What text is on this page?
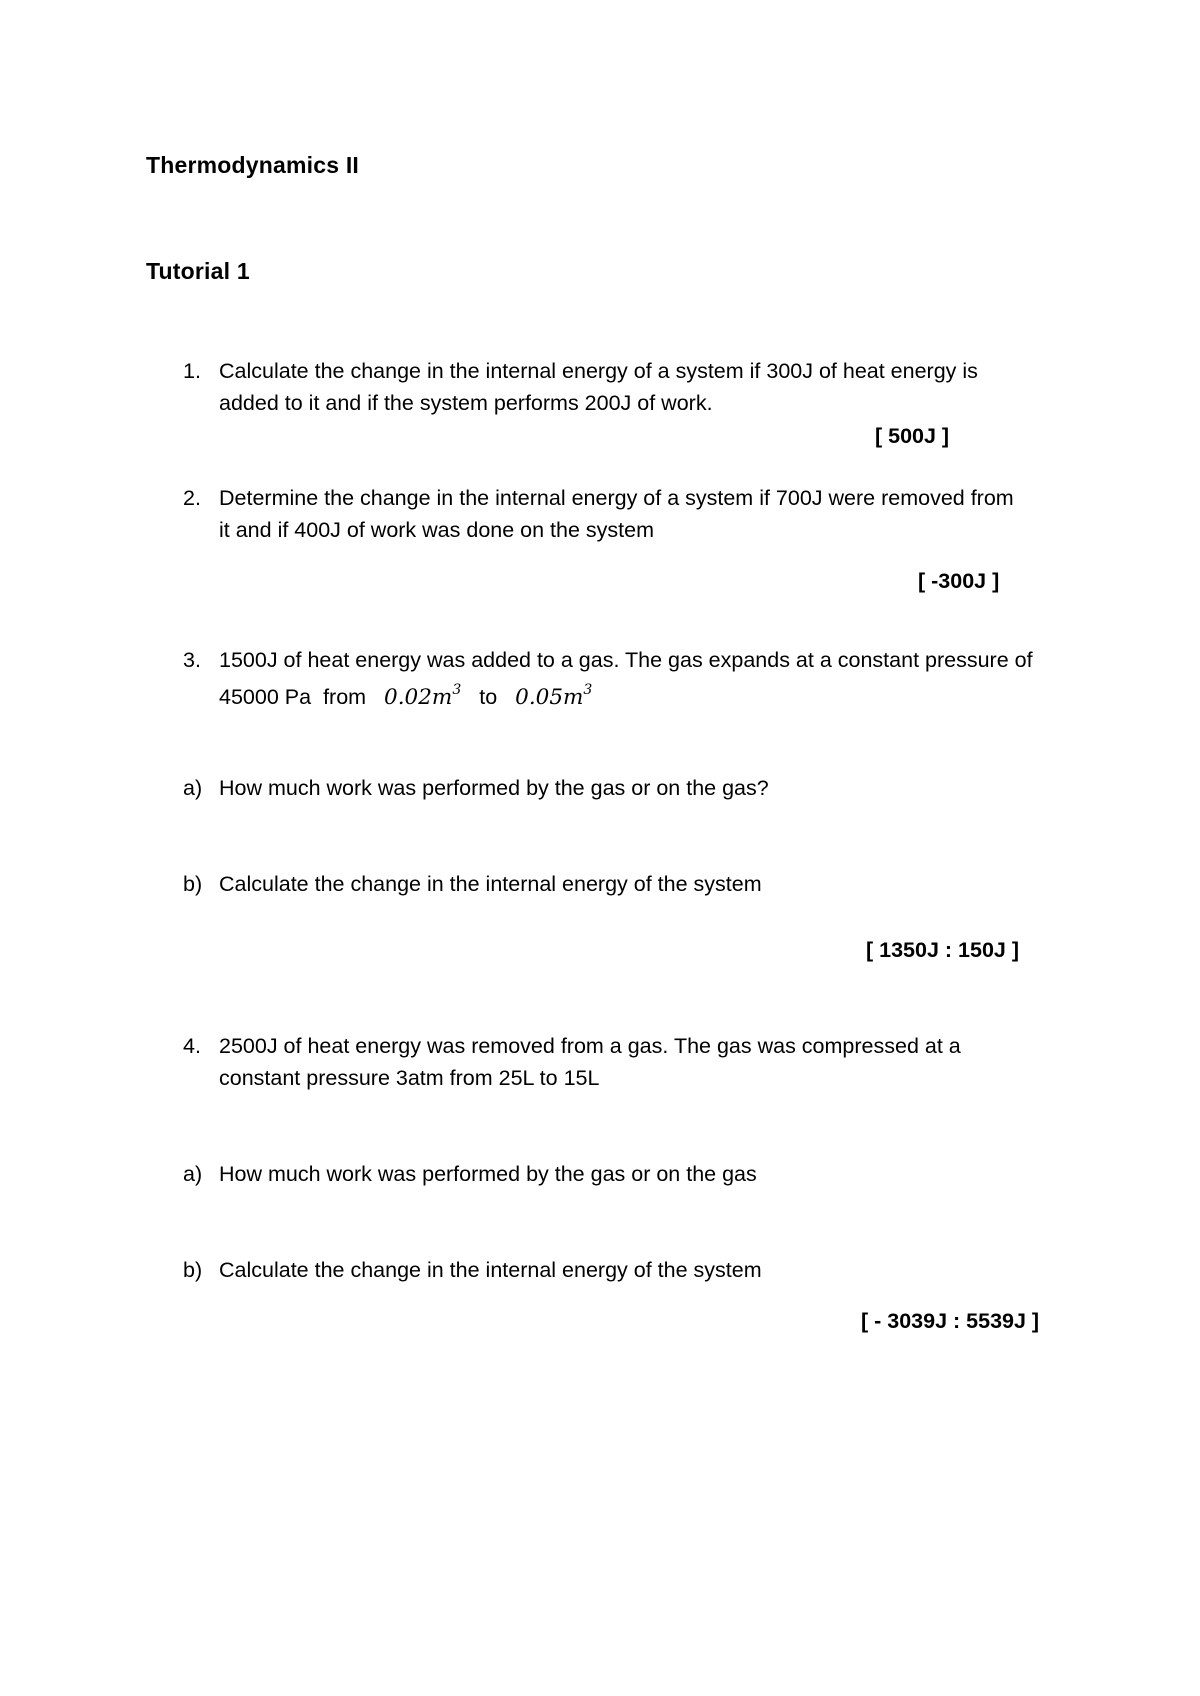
Thermodynamics II
Tutorial 1
1. Calculate the change in the internal energy of a system if 300J of heat energy is
added to it and if the system performs 200J of work.
[ 500J ]
2. Determine the change in the internal energy of a system if 700J were removed from
it and if 400J of work was done on the system
[ -300J ]
3. 1500J of heat energy was added to a gas. The gas expands at a constant pressure of
45000 Pa from $0.02m^3$ to $0.05m^3$
a) How much work was performed by the gas or on the gas?
b) Calculate the change in the internal energy of the system
[ 1350J : 150J ]
4. 2500J of heat energy was removed from a gas. The gas was compressed at a
constant pressure 3atm from 25L to 15L
a) How much work was performed by the gas or on the gas
b) Calculate the change in the internal energy of the system
[ - 3039J : 5539J ]
